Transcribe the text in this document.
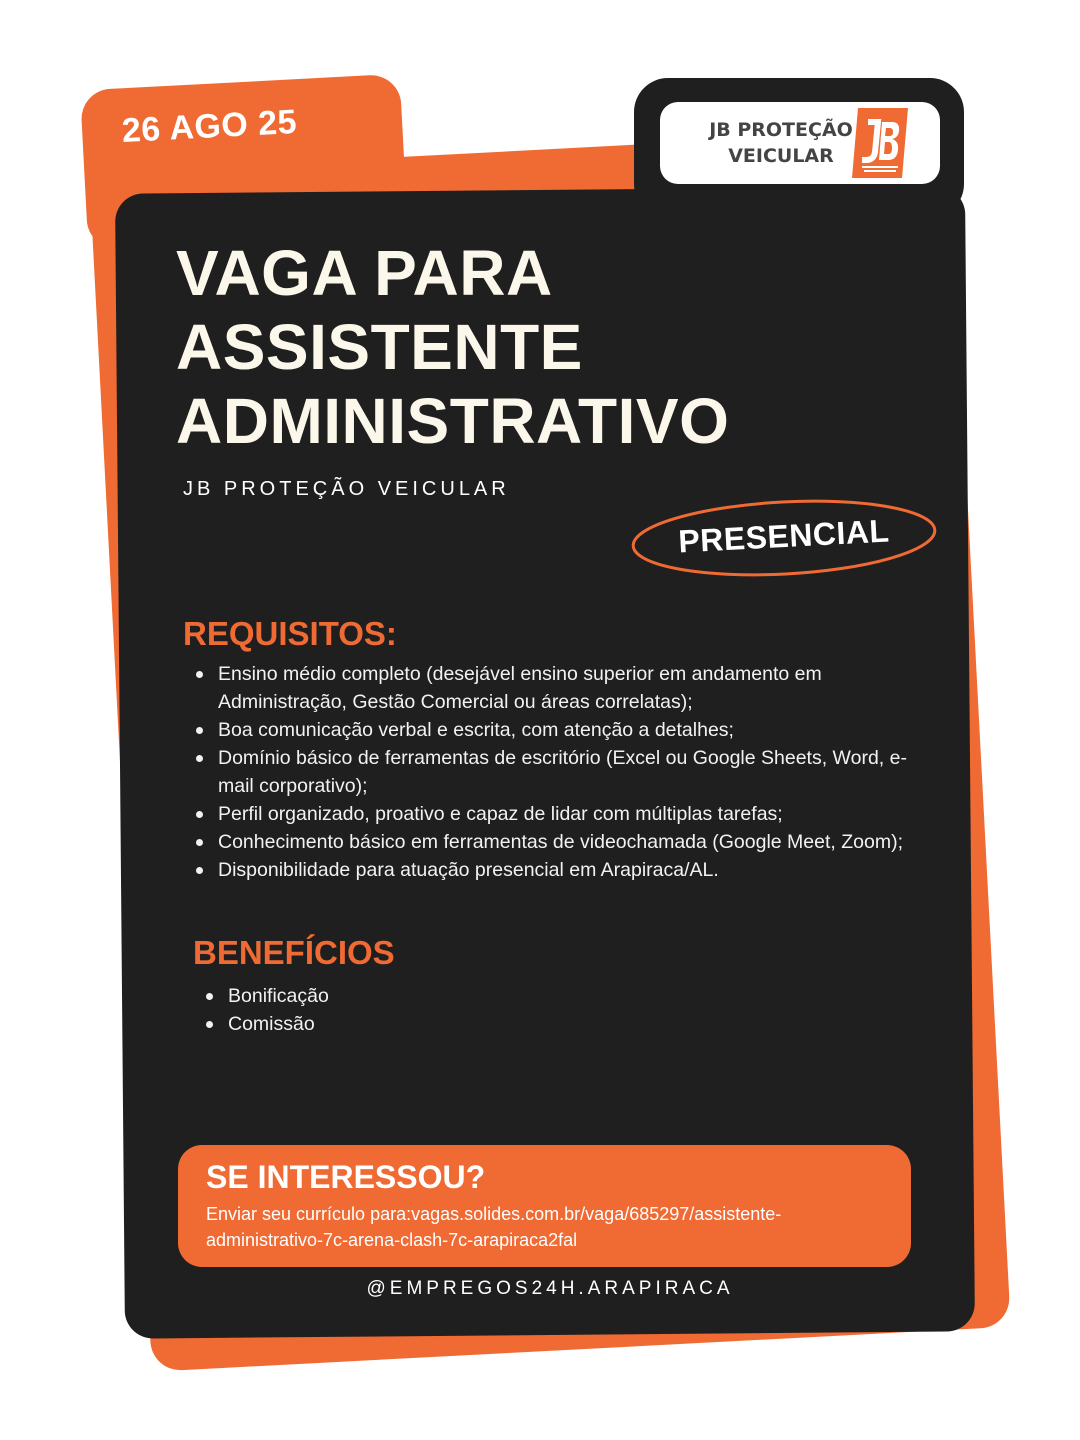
26 AGO 25	JB PROTEÇÃO
VEICULAR
VAGA PARA
ASSISTENTE
ADMINISTRATIVO
JB PROTEÇÃO VEICULAR
PRESENCIAL
REQUISITOS:
Ensino médio completo (desejável ensino superior em andamento em Administração, Gestão Comercial ou áreas correlatas);
Boa comunicação verbal e escrita, com atenção a detalhes;
Domínio básico de ferramentas de escritório (Excel ou Google Sheets, Word, e-mail corporativo);
Perfil organizado, proativo e capaz de lidar com múltiplas tarefas;
Conhecimento básico em ferramentas de videochamada (Google Meet, Zoom);
Disponibilidade para atuação presencial em Arapiraca/AL.
BENEFÍCIOS
Bonificação
Comissão
SE INTERESSOU?
Enviar seu currículo para:vagas.solides.com.br/vaga/685297/assistente-administrativo-7c-arena-clash-7c-arapiraca2fal
@EMPREGOS24H.ARAPIRACA
